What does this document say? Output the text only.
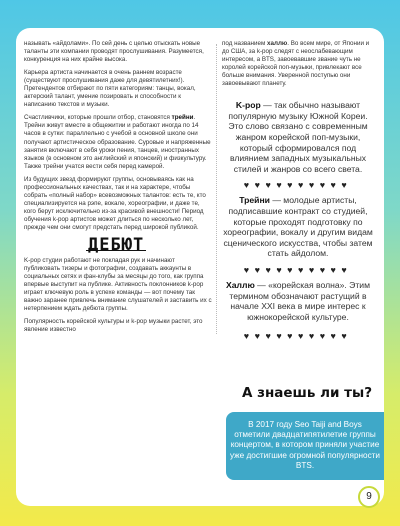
называть «айдолами». По сей день с целью отыскать новые таланты эти компании проводят прослушивания. Разумеется, конкуренция на них крайне высока.

Карьера артиста начинается в очень раннем возрасте (существуют прослушивания даже для девятилетних!). Претендентов отбирают по пяти категориям: танцы, вокал, актерский талант, умение позировать и способности к написанию текстов и музыки.

Счастливчики, которые прошли отбор, становятся трейни. Трейни живут вместе в общежитии и работают иногда по 14 часов в сутки: параллельно с учебой в основной школе они получают артистическое образование. Суровые и напряженные занятия включают в себя уроки пения, танцев, иностранных языков (в основном это английский и японский) и физкультуру. Также трейни учатся вести себя перед камерой.

Из будущих звезд формируют группы, основываясь как на профессиональных качествах, так и на характере, чтобы собрать «полный набор» всевозможных талантов: есть те, кто специализируется на рэпе, вокале, хореографии, и даже те, кого берут исключительно из-за красивой внешности! Период обучения k-pop артистов может длиться по несколько лет, прежде чем они смогут предстать перед широкой публикой.

ДЕБЮТ

K-pop студии работают не покладая рук и начинают публиковать тизеры и фотографии, создавать аккаунты в социальных сетях и фан-клубы за месяцы до того, как группа впервые выступит на публике. Активность поклонников k-pop играет ключевую роль в успехе команды — вот почему так важно заранее привлечь внимание слушателей и заставить их с нетерпением ждать дебюта группы.

Популярность корейской культуры и k-pop музыки растет, это явление известно

под названием халлю. Во всем мире, от Японии и до США, за k-pop следят с неослабевающим интересом, а BTS, завоевавшие звание чуть не королей корейской поп-музыки, привлекают все больше внимания. Уверенной поступью они завоевывают планету.

K-pop — так обычно называют популярную музыку Южной Кореи. Это слово связано с современным жанром корейской поп-музыки, который сформировался под влиянием западных музыкальных стилей и жанров со всего света.
♥♥♥♥♥♥♥♥♥♥
Трейни — молодые артисты, подписавшие контракт со студией, которые проходят подготовку по хореографии, вокалу и другим видам сценического искусства, чтобы затем стать айдолом.
♥♥♥♥♥♥♥♥♥♥
Халлю — «корейская волна». Этим термином обозначают растущий в начале XXI века в мире интерес к южнокорейской культуре.
♥♥♥♥♥♥♥♥♥♥
А знаешь ли ты?
В 2017 году Seo Taiji and Boys отметили двадцатипятилетие группы концертом, в котором приняли участие уже достигшие огромной популярности BTS.
9
